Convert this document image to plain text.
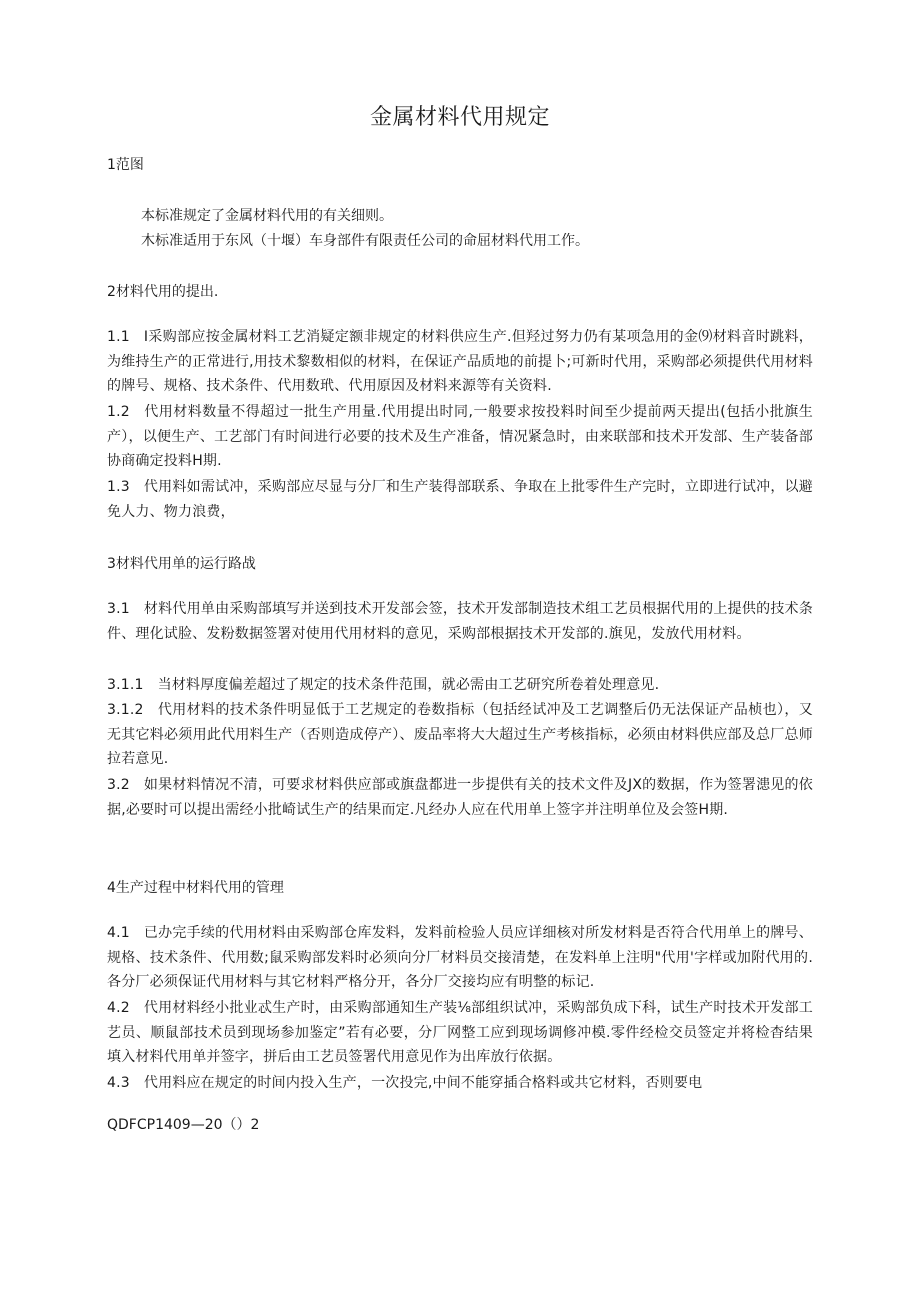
金属材料代用规定

1范图

本标准规定了金属材料代用的有关细则。

木标准适用于东风（十堰）车身部件有限责任公司的命屈材料代用工作。

2材料代用的提出.

1.1 I采购部应按金属材料工艺消疑定额非规定的材料供应生产.但羟过努力仍有某项急用的金⑼材料音时跳料，为维持生产的正常进行,用技术黎数相似的材料，在保证产品质地的前提卜;可新时代用，采购部必须提供代用材料的牌号、规格、技术条件、代用数玳、代用原因及材料来源等有关资料.

1.2 代用材料数量不得超过一批生产用量.代用提出时同,一般要求按投料时间至少提前两天提出(包括小批旗生产），以便生产、工艺部门有时间进行必要的技术及生产准备，情况紧急时，由来联部和技术开发部、生产装备部协商确定投料H期.

1.3 代用料如需试冲，采购部应尽显与分厂和生产装得部联系、争取在上批零件生产完时，立即进行试冲，以避免人力、物力浪费，

3材料代用单的运行路战

3.1 材料代用单由采购部填写并送到技术开发部会签，技术开发部制造技术组工艺员根据代用的上提供的技术条件、理化试脸、发粉数据签署对使用代用材料的意见，采购部根据技术开发部的.旗见，发放代用材料。

3.1.1 当材料厚度偏差超过了规定的技术条件范围，就必需由工艺研究所卷着处理意见.

3.1.2 代用材料的技术条件明显低于工艺规定的卷数指标（包括经试冲及工艺调整后仍无法保证产品桢也），又无其它料必须用此代用料生产（否则造成停产）、废品率将大大超过生产考核指标，必须由材料供应部及总厂总师拉若意见.

3.2 如果材料情况不清，可要求材料供应部或旗盘都进一步提供有关的技术文件及JX的数据，作为签署漶见的依据,必要时可以提出需经小批崎试生产的结果而定.凡经办人应在代用单上签字并注明单位及会签H期.

4生产过程中材料代用的管理

4.1 已办完手续的代用材料由采购部仓库发料，发料前检验人员应详细核对所发材料是否符合代用单上的牌号、规格、技术条件、代用数;鼠采购部发料时必须向分厂材料员交接清楚，在发料单上注明"代用'字样或加附代用的.各分厂必须保证代用材料与其它材料严格分开，各分厂交接均应有明整的标记.

4.2 代用材料经小批业忒生产时，由采购部通知生产装⅛部组织试冲，采购部负成下科，试生产时技术开发部工艺员、顺鼠部技术员到现场参加鉴定”若有必要，分厂网整工应到现场调修冲模.零件经检交员签定并将检杳结果填入材料代用单并签字，拼后由工艺员签署代用意见作为出库放行依据。

4.3 代用料应在规定的时间内投入生产，一次投完,中间不能穿插合格料或共它材料，否则要电

QDFCP1409—20（）2
